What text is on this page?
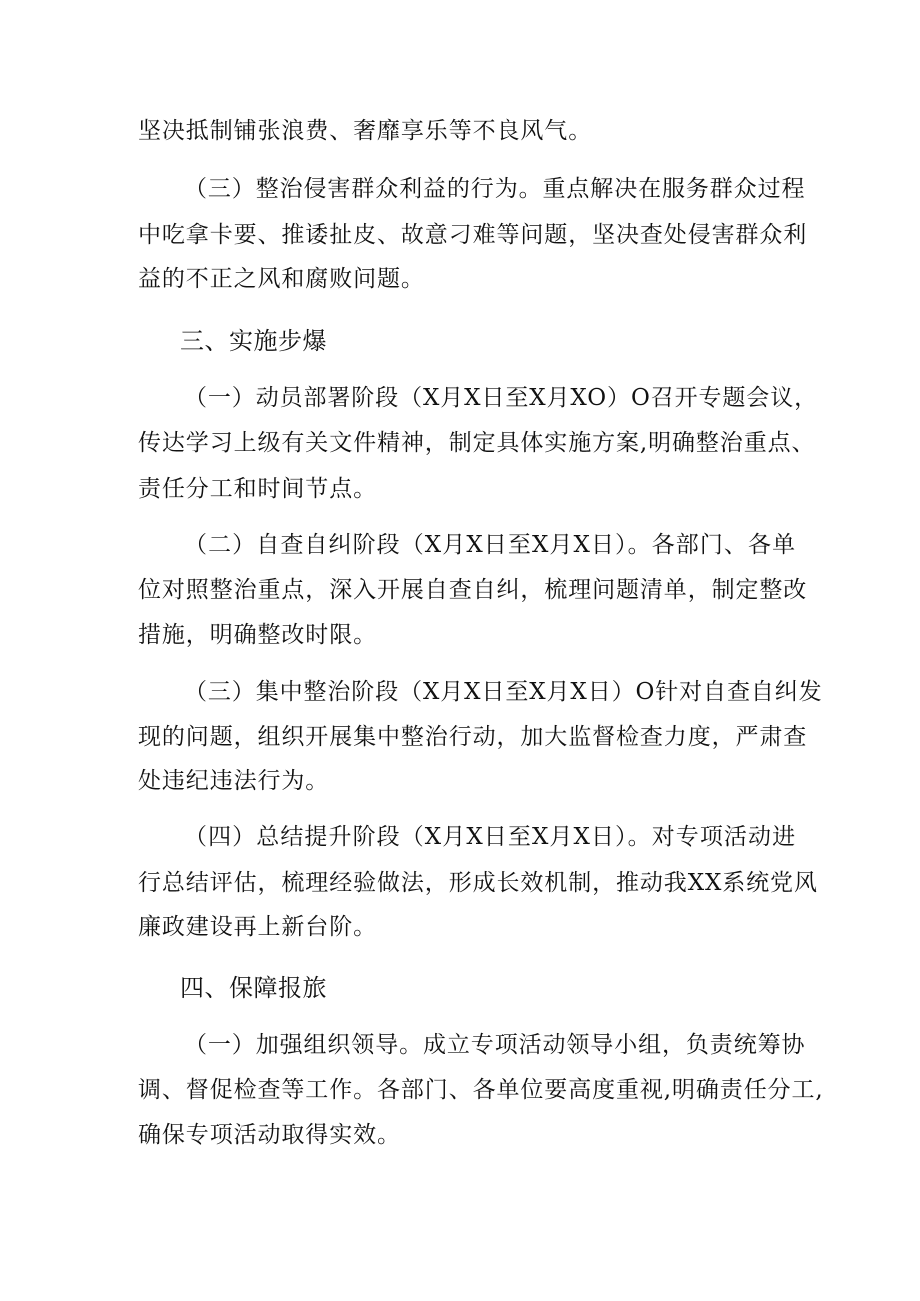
坚决抵制铺张浪费、奢靡享乐等不良风气。
（三）整治侵害群众利益的行为。重点解决在服务群众过程
中吃拿卡要、推诿扯皮、故意刁难等问题，坚决查处侵害群众利
益的不正之风和腐败问题。
三、实施步爆
（一）动员部署阶段（X月X日至X月XO）O召开专题会议，
传达学习上级有关文件精神，制定具体实施方案,明确整治重点、
责任分工和时间节点。
（二）自查自纠阶段（X月X日至X月X日）。各部门、各单
位对照整治重点，深入开展自查自纠，梳理问题清单，制定整改
措施，明确整改时限。
（三）集中整治阶段（X月X日至X月X日）O针对自查自纠发
现的问题，组织开展集中整治行动，加大监督检查力度，严肃查
处违纪违法行为。
（四）总结提升阶段（X月X日至X月X日）。对专项活动进
行总结评估，梳理经验做法，形成长效机制，推动我XX系统党风
廉政建设再上新台阶。
四、保障报旅
（一）加强组织领导。成立专项活动领导小组，负责统筹协
调、督促检查等工作。各部门、各单位要高度重视,明确责任分工,
确保专项活动取得实效。
